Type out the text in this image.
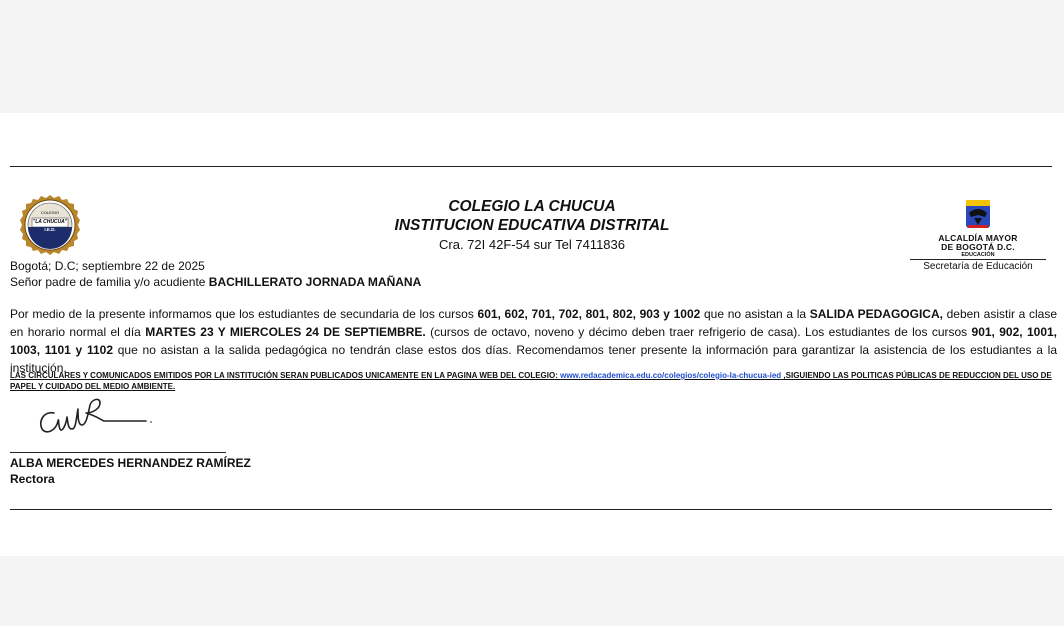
COLEGIO
"LA CHUCUA"
I.E.D.
COLEGIO LA CHUCUA
INSTITUCION EDUCATIVA DISTRITAL
Cra. 72I 42F-54 sur Tel 7411836	ALCALDÍA MAYOR
DE BOGOTÁ D.C.
EDUCACIÓN
Secretaría de Educación
Bogotá; D.C; septiembre 22 de 2025
Señor padre de familia y/o acudiente BACHILLERATO JORNADA MAÑANA
Por medio de la presente informamos que los estudiantes de secundaria de los cursos 601, 602, 701, 702, 801, 802, 903 y 1002 que no asistan a la SALIDA PEDAGOGICA, deben asistir a clase en horario normal el día MARTES 23 Y MIERCOLES 24 DE SEPTIEMBRE. (cursos de octavo, noveno y décimo deben traer refrigerio de casa). Los estudiantes de los cursos 901, 902, 1001, 1003, 1101 y 1102 que no asistan a la salida pedagógica no tendrán clase estos dos días. Recomendamos tener presente la información para garantizar la asistencia de los estudiantes a la institución.
LAS CIRCULARES Y COMUNICADOS EMITIDOS POR LA INSTITUCIÓN SERAN PUBLICADOS UNICAMENTE EN LA PAGINA WEB DEL COLEGIO: www.redacademica.edu.co/colegios/colegio-la-chucua-ied ,SIGUIENDO LAS POLITICAS PÚBLICAS DE REDUCCION DEL USO DE PAPEL Y CUIDADO DEL MEDIO AMBIENTE.
ALBA MERCEDES HERNANDEZ RAMÍREZ
Rectora
